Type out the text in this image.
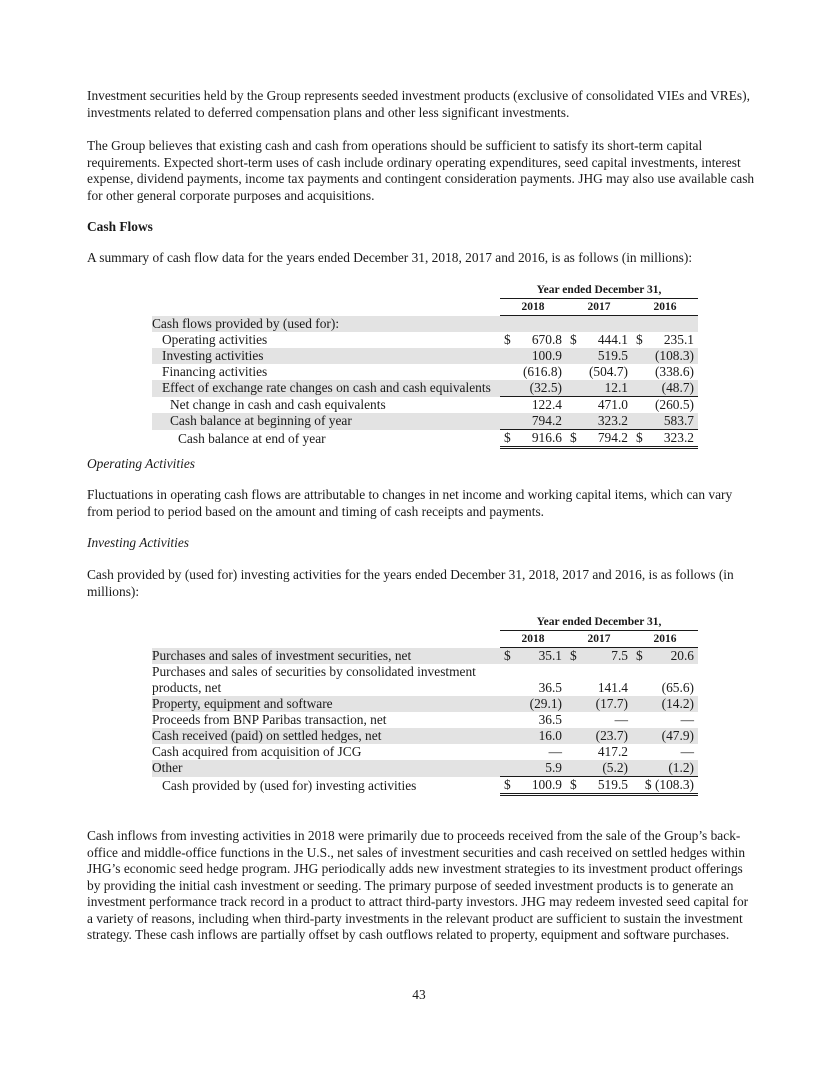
Investment securities held by the Group represents seeded investment products (exclusive of consolidated VIEs and VREs), investments related to deferred compensation plans and other less significant investments.

The Group believes that existing cash and cash from operations should be sufficient to satisfy its short-term capital requirements. Expected short-term uses of cash include ordinary operating expenditures, seed capital investments, interest expense, dividend payments, income tax payments and contingent consideration payments. JHG may also use available cash for other general corporate purposes and acquisitions.

Cash Flows

A summary of cash flow data for the years ended December 31, 2018, 2017 and 2016, is as follows (in millions):

	Year ended December 31,		
	2018	2017	2016
Cash flows provided by (used for):			
Operating activities	$ 670.8	$ 444.1	$ 235.1
Investing activities	100.9	519.5	(108.3)
Financing activities	(616.8)	(504.7)	(338.6)
Effect of exchange rate changes on cash and cash equivalents	(32.5)	12.1	(48.7)
Net change in cash and cash equivalents	122.4	471.0	(260.5)
Cash balance at beginning of year	794.2	323.2	583.7
Cash balance at end of year	$ 916.6	$ 794.2	$ 323.2

Operating Activities

Fluctuations in operating cash flows are attributable to changes in net income and working capital items, which can vary from period to period based on the amount and timing of cash receipts and payments.

Investing Activities

Cash provided by (used for) investing activities for the years ended December 31, 2018, 2017 and 2016, is as follows (in millions):

	Year ended December 31,		
	2018	2017	2016
Purchases and sales of investment securities, net	$ 35.1	$ 7.5	$ 20.6
Purchases and sales of securities by consolidated investment			
products, net	36.5	141.4	(65.6)
Property, equipment and software	(29.1)	(17.7)	(14.2)
Proceeds from BNP Paribas transaction, net	36.5	—	—
Cash received (paid) on settled hedges, net	16.0	(23.7)	(47.9)
Cash acquired from acquisition of JCG	—	417.2	—
Other	5.9	(5.2)	(1.2)
Cash provided by (used for) investing activities	$ 100.9	$ 519.5	$ (108.3)

Cash inflows from investing activities in 2018 were primarily due to proceeds received from the sale of the Group’s back-office and middle-office functions in the U.S., net sales of investment securities and cash received on settled hedges within JHG’s economic seed hedge program. JHG periodically adds new investment strategies to its investment product offerings by providing the initial cash investment or seeding. The primary purpose of seeded investment products is to generate an investment performance track record in a product to attract third-party investors. JHG may redeem invested seed capital for a variety of reasons, including when third-party investments in the relevant product are sufficient to sustain the investment strategy. These cash inflows are partially offset by cash outflows related to property, equipment and software purchases.

43
